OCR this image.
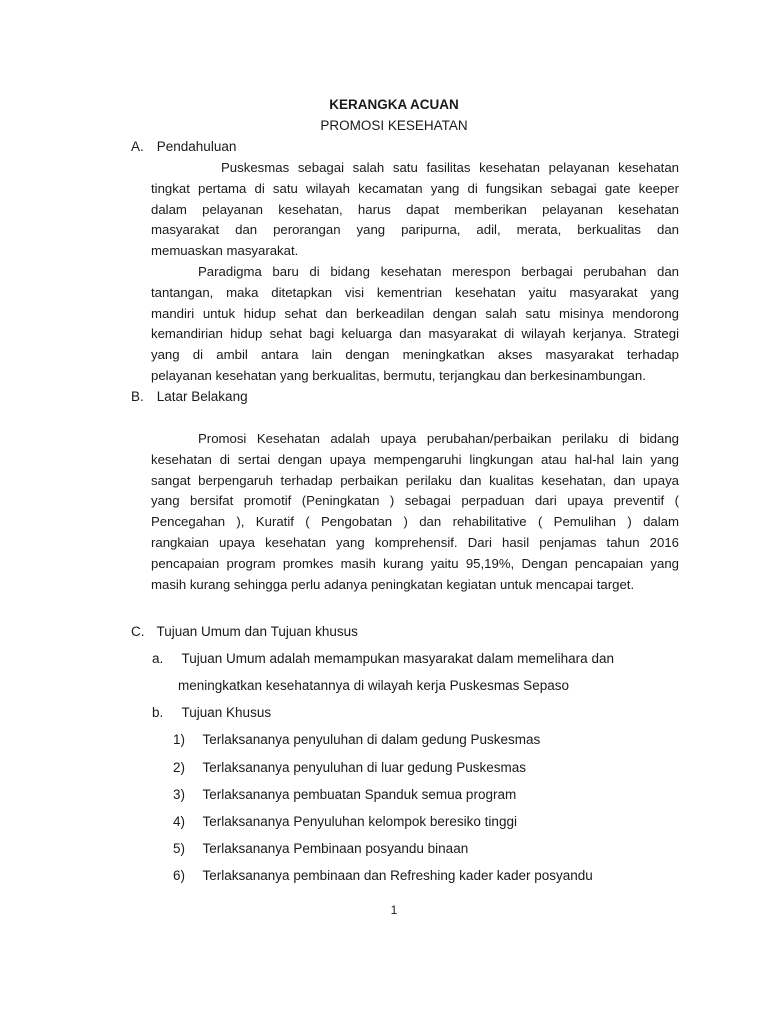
KERANGKA ACUAN
PROMOSI KESEHATAN
A. Pendahuluan
Puskesmas sebagai salah satu fasilitas kesehatan pelayanan kesehatan
tingkat pertama di satu wilayah kecamatan yang di fungsikan sebagai gate keeper
dalam pelayanan kesehatan, harus dapat memberikan pelayanan kesehatan
masyarakat dan perorangan yang paripurna, adil, merata, berkualitas dan
memuaskan masyarakat.
Paradigma baru di bidang kesehatan merespon berbagai perubahan dan
tantangan, maka ditetapkan visi kementrian kesehatan yaitu masyarakat yang
mandiri untuk hidup sehat dan berkeadilan dengan salah satu misinya mendorong
kemandirian hidup sehat bagi keluarga dan masyarakat di wilayah kerjanya. Strategi
yang di ambil antara lain dengan meningkatkan akses masyarakat terhadap
pelayanan kesehatan yang berkualitas, bermutu, terjangkau dan berkesinambungan.
B. Latar Belakang
Promosi Kesehatan adalah upaya perubahan/perbaikan perilaku di bidang
kesehatan di sertai dengan upaya mempengaruhi lingkungan atau hal-hal lain yang
sangat berpengaruh terhadap perbaikan perilaku dan kualitas kesehatan, dan upaya
yang bersifat promotif (Peningkatan ) sebagai perpaduan dari upaya preventif (
Pencegahan ), Kuratif ( Pengobatan ) dan rehabilitative ( Pemulihan ) dalam
rangkaian upaya kesehatan yang komprehensif. Dari hasil penjamas tahun 2016
pencapaian program promkes masih kurang yaitu 95,19%, Dengan pencapaian yang
masih kurang sehingga perlu adanya peningkatan kegiatan untuk mencapai target.
C. Tujuan Umum dan Tujuan khusus
a. Tujuan Umum adalah memampukan masyarakat dalam memelihara dan
meningkatkan kesehatannya di wilayah kerja Puskesmas Sepaso
b. Tujuan Khusus
1) Terlaksananya penyuluhan di dalam gedung Puskesmas
2) Terlaksananya penyuluhan di luar gedung Puskesmas
3) Terlaksananya pembuatan Spanduk semua program
4) Terlaksananya Penyuluhan kelompok beresiko tinggi
5) Terlaksananya Pembinaan posyandu binaan
6) Terlaksananya pembinaan dan Refreshing kader kader posyandu
1
